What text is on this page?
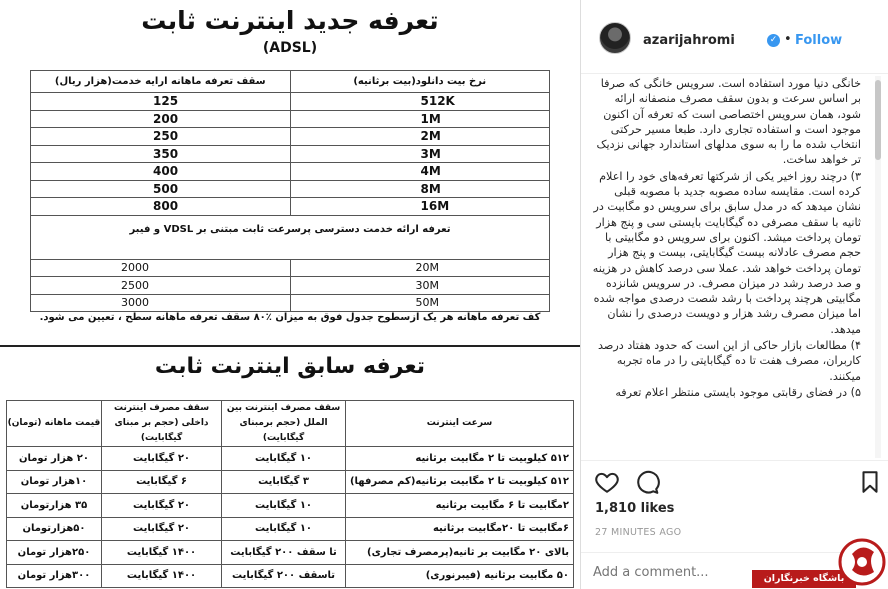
تعرفه جدید اینترنت ثابت
(ADSL)
نرخ بیت دانلود(بیت برثانیه)	سقف تعرفه ماهانه ارایه خدمت(هزار ریال)
512K	125
1M	200
2M	250
3M	350
4M	400
8M	500
16M	800
تعرفه ارائه خدمت دسترسی پرسرعت ثابت مبتنی بر VDSL و فیبر	
20M	2000
30M	2500
50M	3000
کف تعرفه ماهانه هر یک ازسطوح جدول فوق به میزان ٪۸۰ سقف تعرفه ماهانه سطح ، تعیین می شود.
تعرفه سابق اینترنت ثابت
سرعت اینترنت	سقف مصرف اینترنت بین الملل (حجم برمبنای گیگابایت)	سقف مصرف اینترنت داخلی (حجم بر مبنای گیگابایت)	قیمت ماهانه (تومان)
۵۱۲ کیلوبیت تا ۲ مگابیت برثانیه	۱۰ گیگابایت	۲۰ گیگابایت	۲۰ هزار تومان
۵۱۲ کیلوبیت تا ۲ مگابیت برثانیه(کم مصرفها)	۳ گیگابایت	۶ گیگابایت	۱۰هزار تومان
۲مگابیت تا ۶ مگابیت برثانیه	۱۰ گیگابایت	۲۰ گیگابایت	۳۵ هزارتومان
۶مگابیت تا ۲۰مگابیت برثانیه	۱۰ گیگابایت	۲۰ گیگابایت	۵۰هزارتومان
بالای ۲۰ مگابیت بر ثانیه(پرمصرف تجاری)	تا سقف ۲۰۰ گیگابایت	۱۴۰۰ گیگابایت	۲۵۰هزار تومان
۵۰ مگابیت برثانیه (فیبرنوری)	تاسقف ۲۰۰ گیگابایت	۱۴۰۰ گیگابایت	۳۰۰هزار تومان
azarijahromi	✓ • Follow

خانگی دنیا مورد استفاده است. سرویس خانگی که صرفا بر اساس سرعت و بدون سقف مصرف منصفانه ارائه شود، همان سرویس اختصاصی است که تعرفه آن اکنون موجود است و استفاده تجاری دارد. طبعا مسیر حرکتی انتخاب شده ما را به سوی مدلهای استاندارد جهانی نزدیک تر خواهد ساخت.

۳) درچند روز اخیر یکی از شرکتها تعرفه‌های خود را اعلام کرده است. مقایسه ساده مصوبه جدید با مصوبه قبلی نشان میدهد که در مدل سابق برای سرویس دو مگابیت در ثانیه با سقف مصرفی ده گیگابایت بایستی سی و پنج هزار تومان پرداخت میشد. اکنون برای سرویس دو مگابیتی با حجم مصرف عادلانه بیست گیگابایتی، بیست و پنج هزار تومان پرداخت خواهد شد. عملا سی درصد کاهش در هزینه و صد درصد رشد در میزان مصرف. در سرویس شانزده مگابیتی هرچند پرداخت با رشد شصت درصدی مواجه شده اما میزان مصرف رشد هزار و دویست درصدی را نشان میدهد.

۴) مطالعات بازار حاکی از این است که حدود هفتاد درصد کاربران، مصرف هفت تا ده گیگابایتی را در ماه تجربه میکنند.

۵) در فضای رقابتی موجود بایستی منتظر اعلام تعرفه

1,810 likes
27 MINUTES AGO
Add a comment...
باشگاه خبرنگاران
